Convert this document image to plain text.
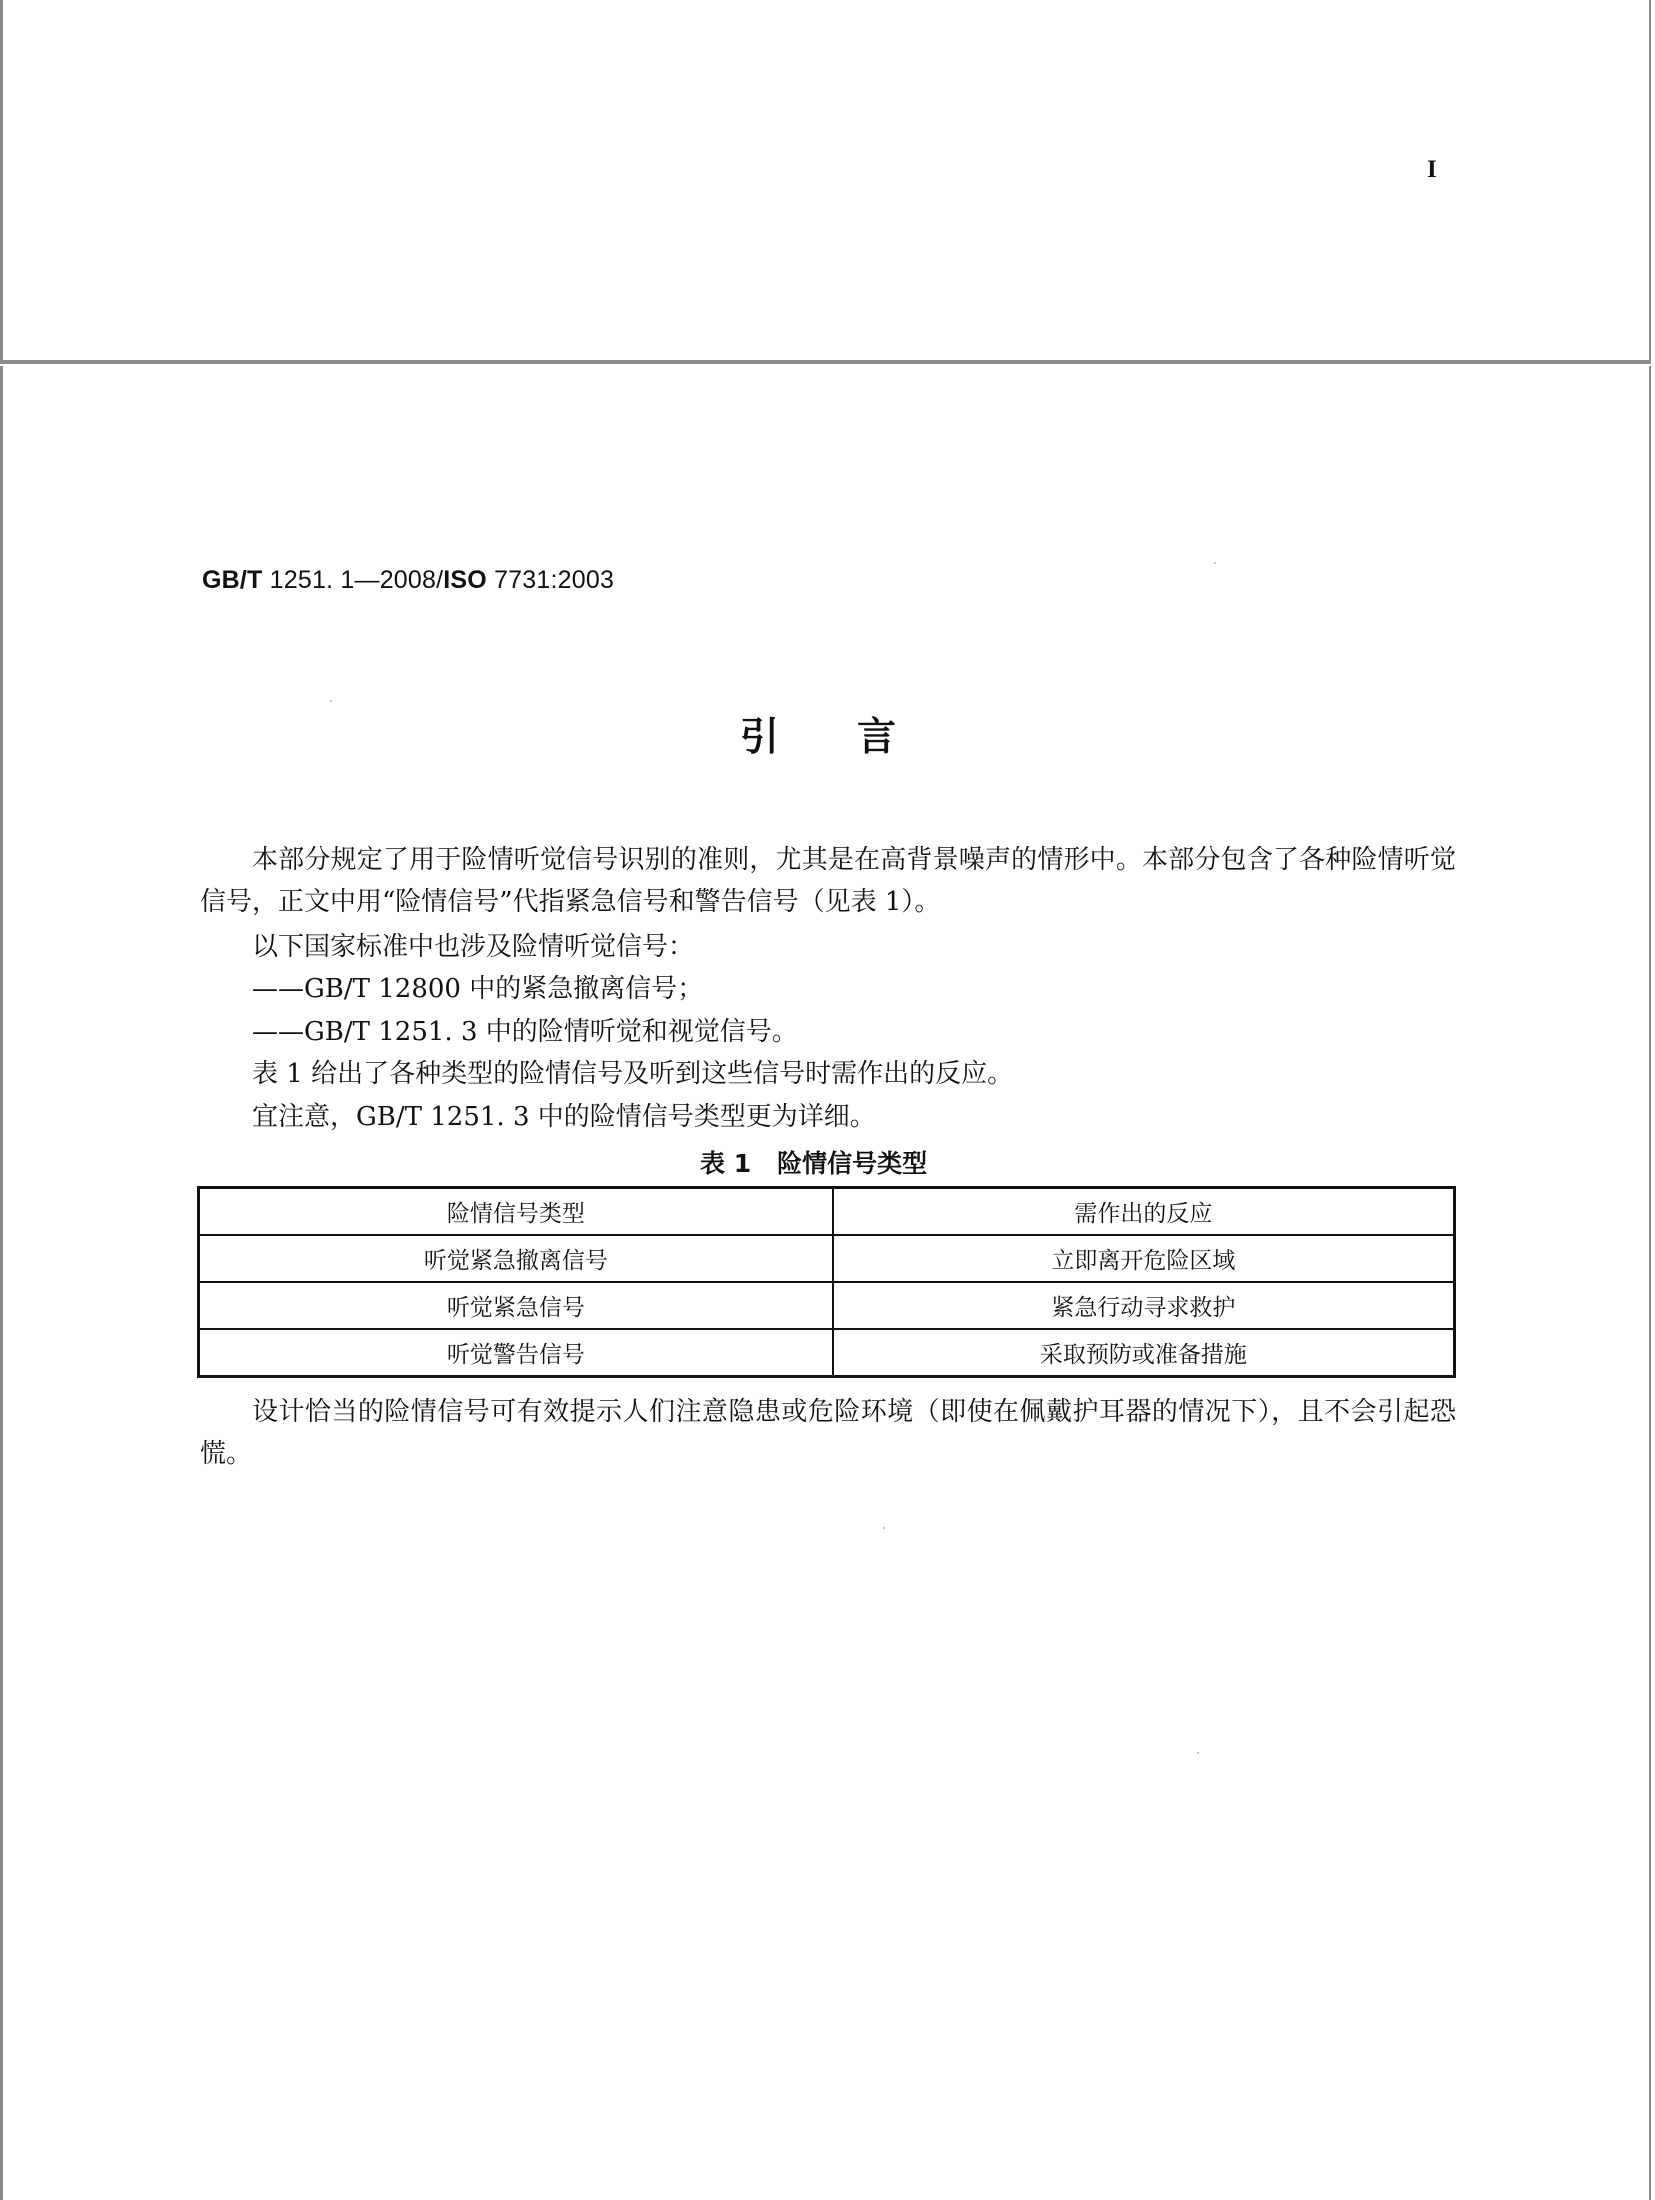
I
GB/T 1251. 1—2008/ISO 7731:2003
引言
本部分规定了用于险情听觉信号识别的准则，尤其是在高背景噪声的情形中。本部分包含了各种险情听觉信号，正文中用“险情信号”代指紧急信号和警告信号（见表 1）。
以下国家标准中也涉及险情听觉信号：
——GB/T 12800 中的紧急撤离信号；
——GB/T 1251. 3 中的险情听觉和视觉信号。
表 1 给出了各种类型的险情信号及听到这些信号时需作出的反应。
宜注意，GB/T 1251. 3 中的险情信号类型更为详细。
表 1 险情信号类型
险情信号类型	需作出的反应
听觉紧急撤离信号	立即离开危险区域
听觉紧急信号	紧急行动寻求救护
听觉警告信号	采取预防或准备措施
设计恰当的险情信号可有效提示人们注意隐患或危险环境（即使在佩戴护耳器的情况下），且不会引起恐慌。
